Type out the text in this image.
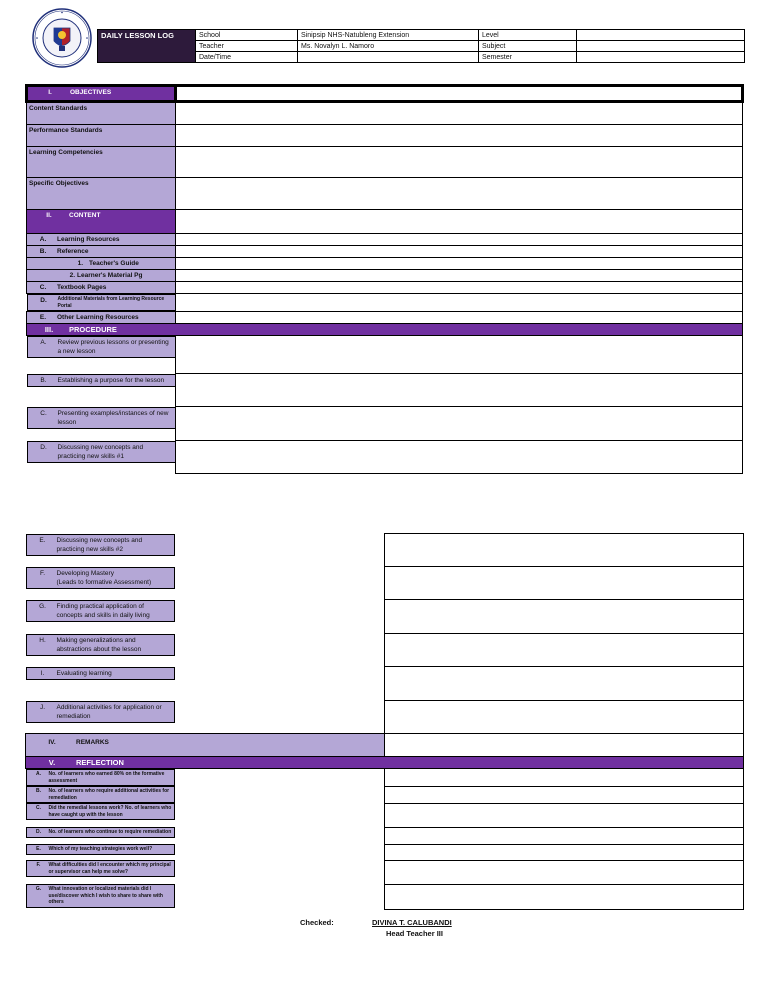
DAILY LESSON LOG	School	Sinipsip NHS-Natubleng Extension	Level	
	Teacher	Ms. Novalyn L. Namoro	Subject	
	Date/Time		Semester	
I. OBJECTIVES	
Content Standards	
Performance Standards	
Learning Competencies	
Specific Objectives	
II. CONTENT	
A. Learning Resources	
B. Reference	
1. Teacher's Guide	
2. Learner's Material Pg	
C. Textbook Pages	

D.	Additional Materials from Learning Resource Portal

E. Other Learning Resources	
III. PROCEDURE	

A.	Review previous lessons or presenting a new lesson

B.	Establishing a purpose for the lesson

C.	Presenting examples/instances of new lesson

D.	Discussing new concepts and practicing new skills #1
E.	Discussing new concepts and practicing new skills #2

F.	Developing Mastery
(Leads to formative Assessment)

G.	Finding practical application of concepts and skills in daily living

H.	Making generalizations and abstractions about the lesson

I.	Evaluating learning

J.	Additional activities for application or remediation

IV. REMARKS	
V. REFLECTION	

A.	No. of learners who earned 80% on the formative assessment

B.	No. of learners who require additional activities for remediation

C.	Did the remedial lessons work? No. of learners who have caught up with the lesson

D.	No. of learners who continue to require remediation

E.	Which of my teaching strategies work well?

F.	What difficulties did I encounter which my principal or supervisor can help me solve?

G.	What innovation or localized materials did I use/discover which I wish to share to share with others
Checked:	DIVINA T. CALUBANDI
Head Teacher III
